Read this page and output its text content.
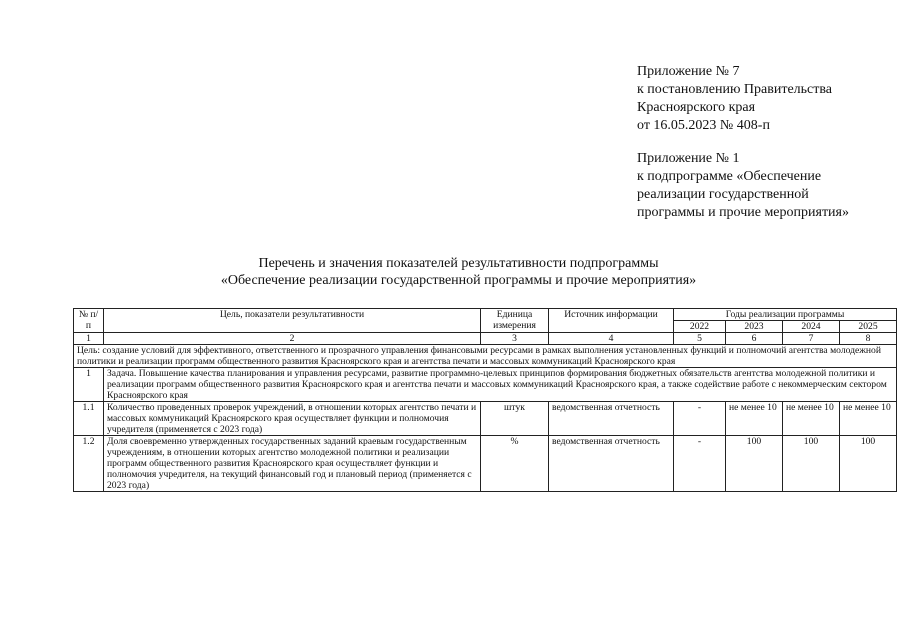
Приложение № 7
к постановлению Правительства
Красноярского края
от 16.05.2023 № 408-п
Приложение № 1
к подпрограмме «Обеспечение
реализации государственной
программы и прочие мероприятия»
Перечень и значения показателей результативности подпрограммы
«Обеспечение реализации государственной программы и прочие мероприятия»
№ п/п	Цель, показатели результативности	Единица измерения	Источник информации	Годы реализации программы			
				2022	2023	2024	2025
1	2	3	4	5	6	7	8
Цель: создание условий для эффективного, ответственного и прозрачного управления финансовыми ресурсами в рамках выполнения установленных функций и полномочий агентства молодежной политики и реализации программ общественного развития Красноярского края и агентства печати и массовых коммуникаций Красноярского края							
1	Задача. Повышение качества планирования и управления ресурсами, развитие программно-целевых принципов формирования бюджетных обязательств агентства молодежной политики и реализации программ общественного развития Красноярского края и агентства печати и массовых коммуникаций Красноярского края, а также содействие работе с некоммерческим сектором Красноярского края						
1.1	Количество проведенных проверок учреждений, в отношении которых агентство печати и массовых коммуникаций Красноярского края осуществляет функции и полномочия учредителя (применяется с 2023 года)	штук	ведомственная отчетность	-	не менее 10	не менее 10	не менее 10
1.2	Доля своевременно утвержденных государственных заданий краевым государственным учреждениям, в отношении которых агентство молодежной политики и реализации программ общественного развития Красноярского края осуществляет функции и полномочия учредителя, на текущий финансовый год и плановый период (применяется с 2023 года)	%	ведомственная отчетность	-	100	100	100
